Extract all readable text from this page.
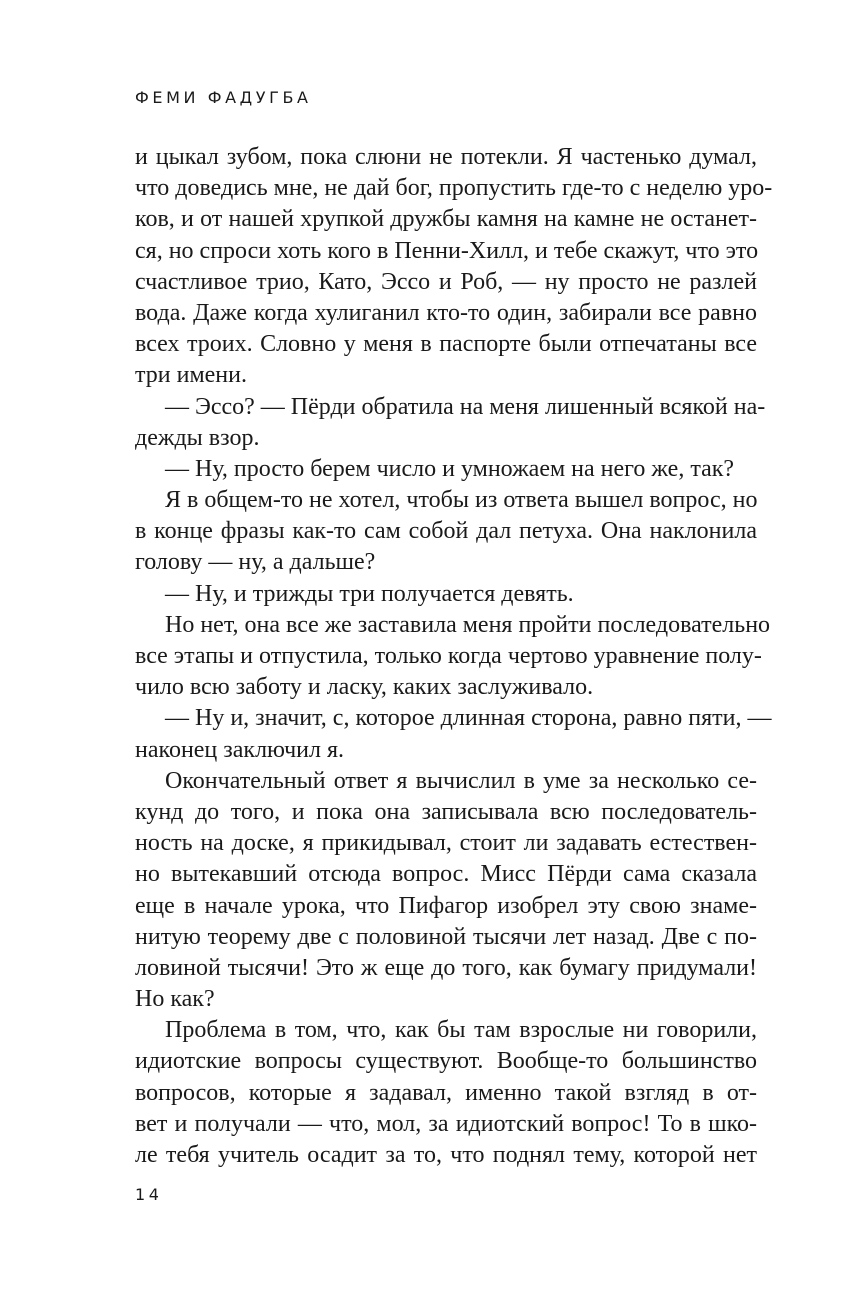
ФЕМИ ФАДУГБА
и цыкал зубом, пока слюни не потекли. Я частенько думал,
что доведись мне, не дай бог, пропустить где-то с неделю уро-
ков, и от нашей хрупкой дружбы камня на камне не останет-
ся, но спроси хоть кого в Пенни-Хилл, и тебе скажут, что это
счастливое трио, Като, Эссо и Роб, — ну просто не разлей
вода. Даже когда хулиганил кто-то один, забирали все равно
всех троих. Словно у меня в паспорте были отпечатаны все
три имени.
— Эссо? — Пёрди обратила на меня лишенный всякой на-
дежды взор.
— Ну, просто берем число и умножаем на него же, так?
Я в общем-то не хотел, чтобы из ответа вышел вопрос, но
в конце фразы как-то сам собой дал петуха. Она наклонила
голову — ну, а дальше?
— Ну, и трижды три получается девять.
Но нет, она все же заставила меня пройти последовательно
все этапы и отпустила, только когда чертово уравнение полу-
чило всю заботу и ласку, каких заслуживало.
— Ну и, значит, с, которое длинная сторона, равно пяти, —
наконец заключил я.
Окончательный ответ я вычислил в уме за несколько се-
кунд до того, и пока она записывала всю последователь-
ность на доске, я прикидывал, стоит ли задавать естествен-
но вытекавший отсюда вопрос. Мисс Пёрди сама сказала
еще в начале урока, что Пифагор изобрел эту свою знаме-
нитую теорему две с половиной тысячи лет назад. Две с по-
ловиной тысячи! Это ж еще до того, как бумагу придумали!
Но как?
Проблема в том, что, как бы там взрослые ни говорили,
идиотские вопросы существуют. Вообще-то большинство
вопросов, которые я задавал, именно такой взгляд в от-
вет и получали — что, мол, за идиотский вопрос! То в шко-
ле тебя учитель осадит за то, что поднял тему, которой нет
14
